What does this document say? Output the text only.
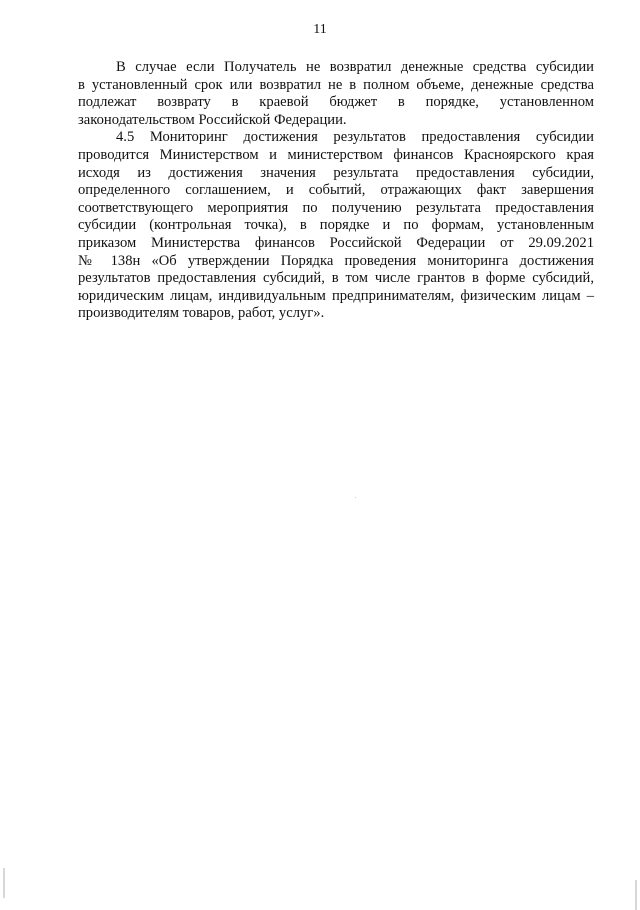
11

В случае если Получатель не возвратил денежные средства субсидии
в установленный срок или возвратил не в полном объеме, денежные средства
подлежат возврату в краевой бюджет в порядке, установленном
законодательством Российской Федерации.

4.5 Мониторинг достижения результатов предоставления субсидии
проводится Министерством и министерством финансов Красноярского края
исходя из достижения значения результата предоставления субсидии,
определенного соглашением, и событий, отражающих факт завершения
соответствующего мероприятия по получению результата предоставления
субсидии (контрольная точка), в порядке и по формам, установленным
приказом Министерства финансов Российской Федерации от 29.09.2021
№ 138н «Об утверждении Порядка проведения мониторинга достижения
результатов предоставления субсидий, в том числе грантов в форме субсидий,
юридическим лицам, индивидуальным предпринимателям, физическим лицам –
производителям товаров, работ, услуг».
